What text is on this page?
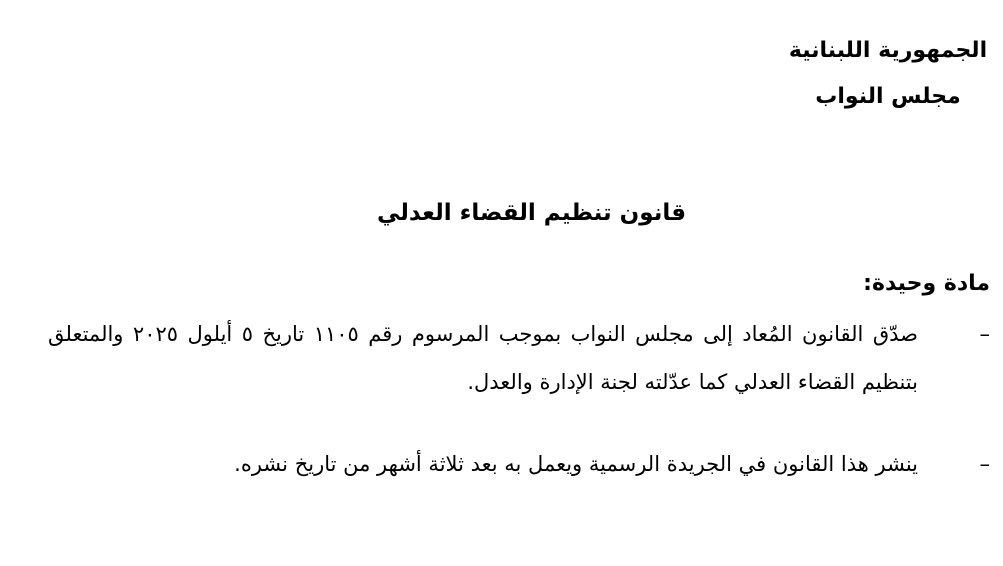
الجمهورية اللبنانية
مجلس النواب
قانون تنظيم القضاء العدلي
مادة وحيدة:
–
صدّق القانون المُعاد إلى مجلس النواب بموجب المرسوم رقم ١١٠٥ تاريخ ٥ أيلول ٢٠٢٥ والمتعلق بتنظيم القضاء العدلي كما عدّلته لجنة الإدارة والعدل.
–
ينشر هذا القانون في الجريدة الرسمية ويعمل به بعد ثلاثة أشهر من تاريخ نشره.
